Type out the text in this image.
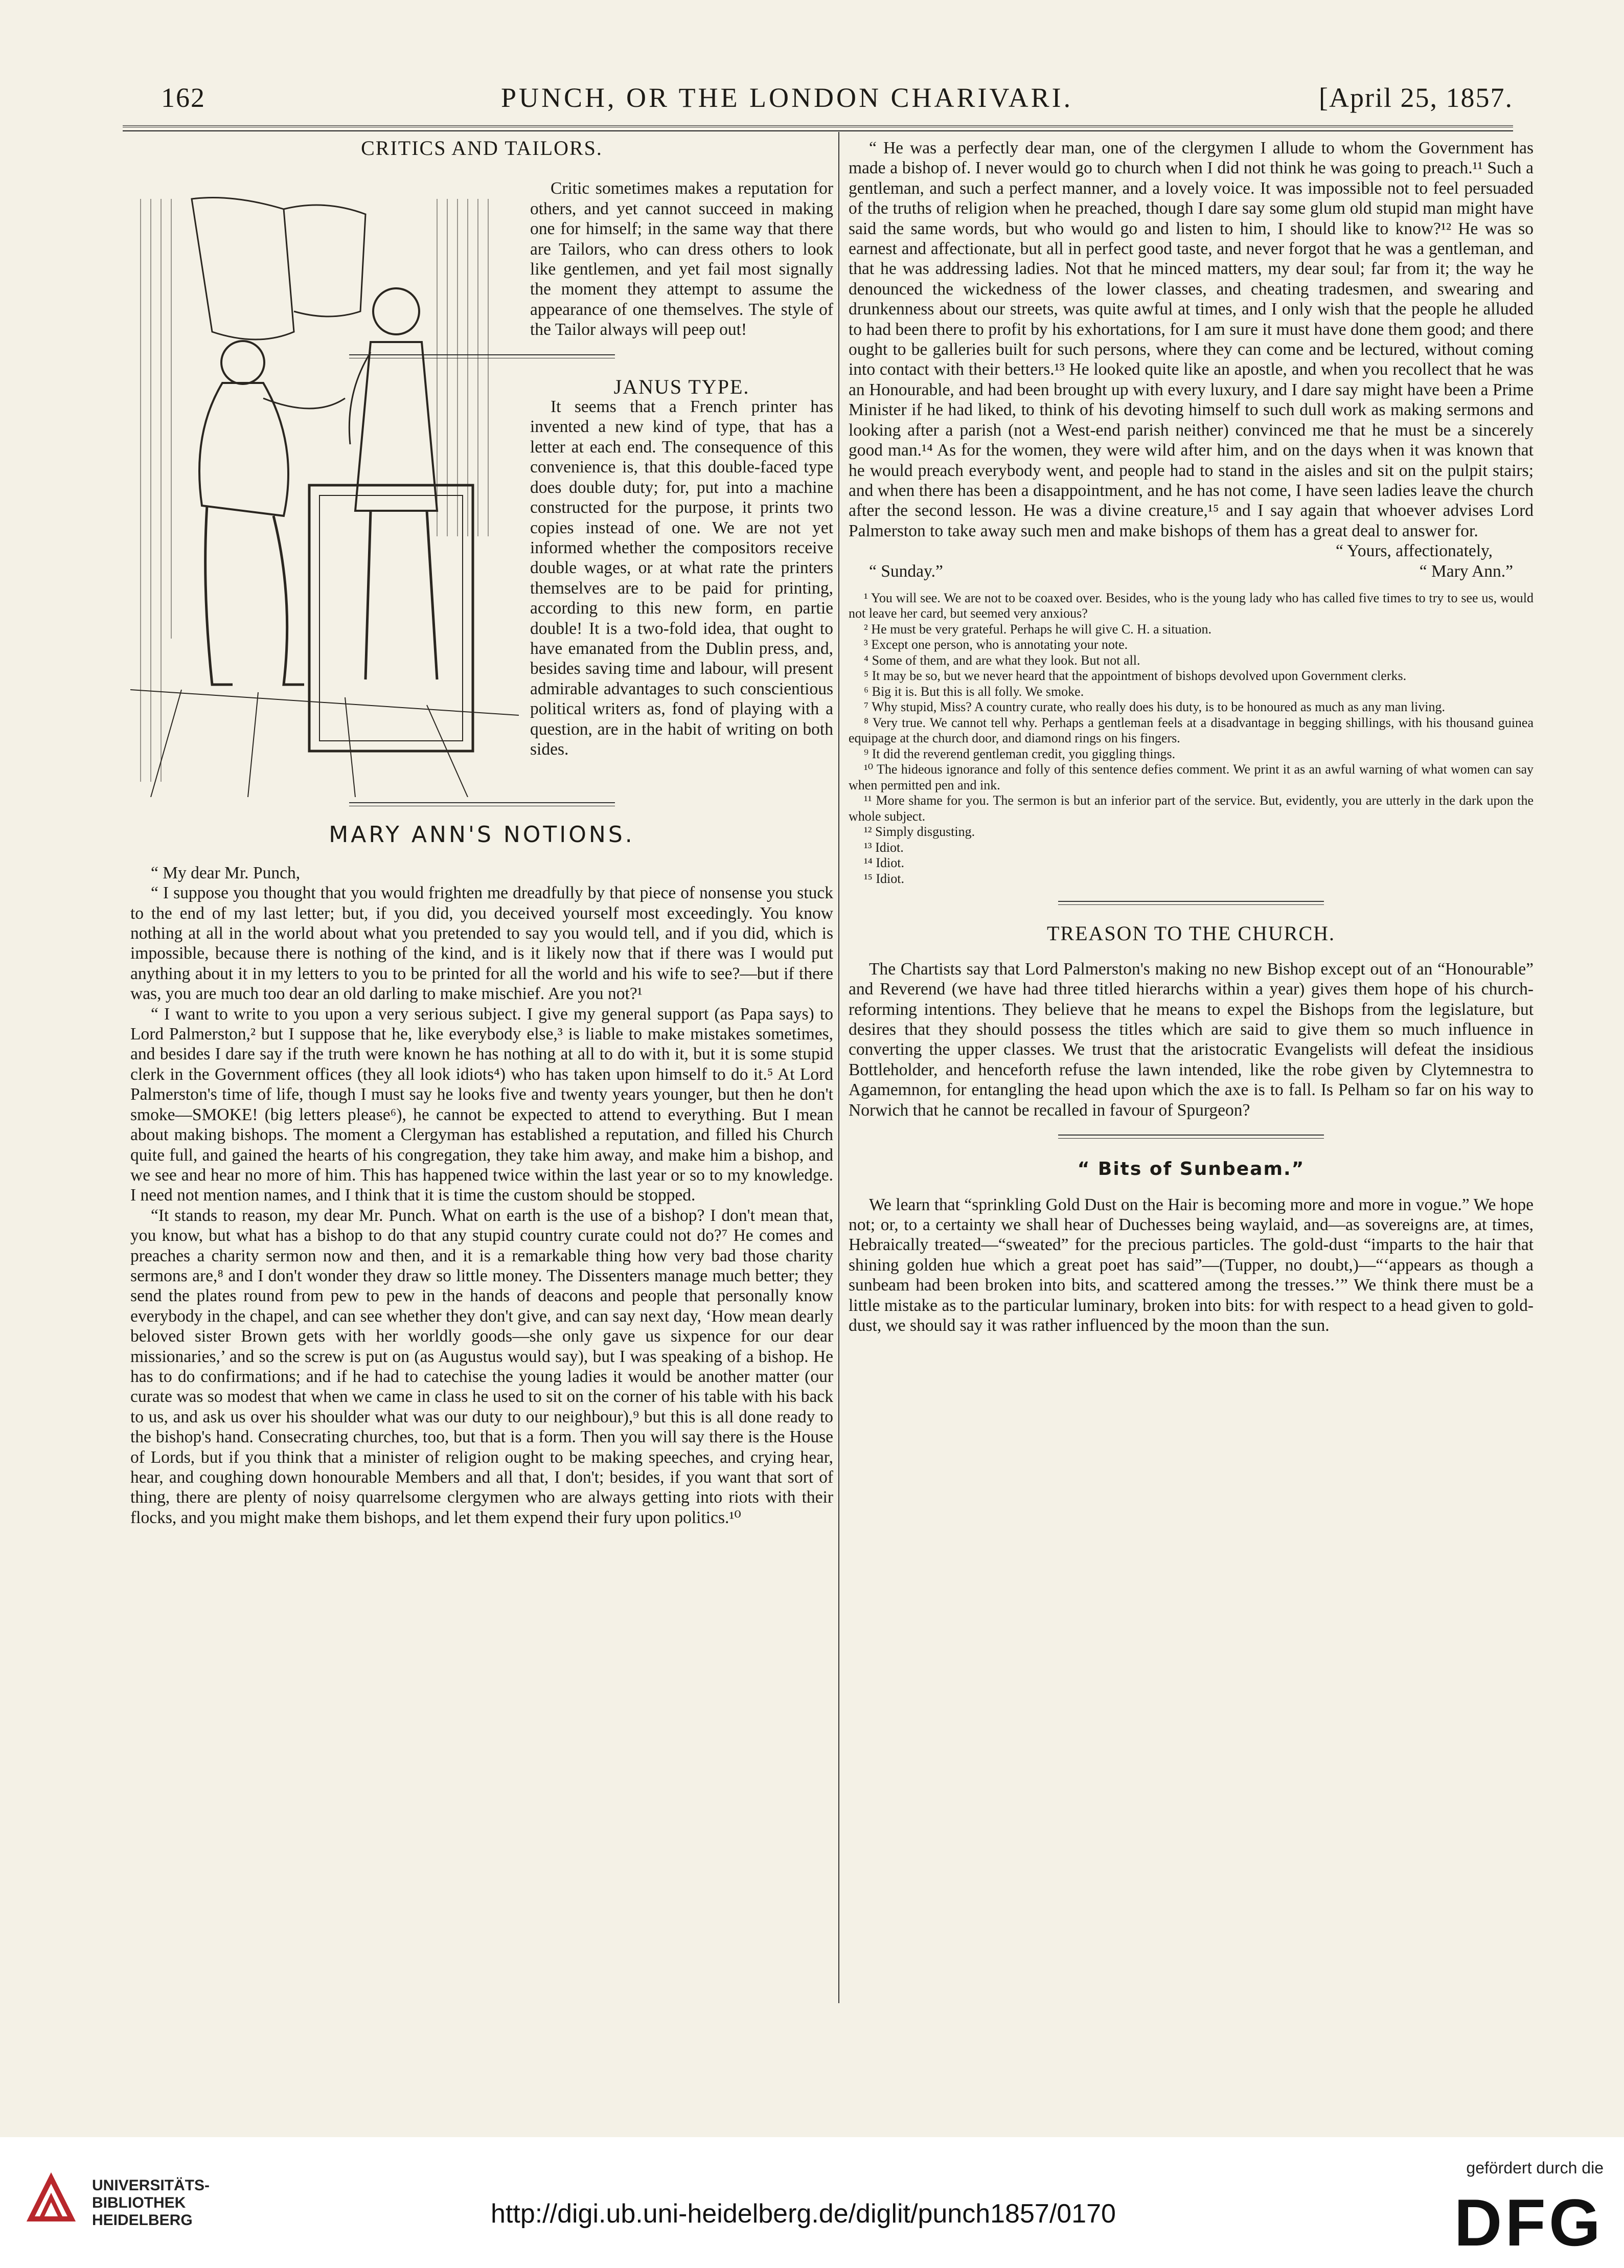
162	PUNCH, OR THE LONDON CHARIVARI.	[April 25, 1857.
CRITICS AND TAILORS.

Critic sometimes makes a reputation for others, and yet cannot succeed in making one for himself; in the same way that there are Tailors, who can dress others to look like gentlemen, and yet fail most signally the moment they attempt to assume the appearance of one themselves. The style of the Tailor always will peep out!

JANUS TYPE.

It seems that a French printer has invented a new kind of type, that has a letter at each end. The consequence of this convenience is, that this double-faced type does double duty; for, put into a machine constructed for the purpose, it prints two copies instead of one. We are not yet informed whether the compositors receive double wages, or at what rate the printers themselves are to be paid for printing, according to this new form, en partie double! It is a two-fold idea, that ought to have emanated from the Dublin press, and, besides saving time and labour, will present admirable advantages to such conscientious political writers as, fond of playing with a question, are in the habit of writing on both sides.

MARY ANN'S NOTIONS.

“ My dear Mr. Punch,

“ I suppose you thought that you would frighten me dreadfully by that piece of nonsense you stuck to the end of my last letter; but, if you did, you deceived yourself most exceedingly. You know nothing at all in the world about what you pretended to say you would tell, and if you did, which is impossible, because there is nothing of the kind, and is it likely now that if there was I would put anything about it in my letters to you to be printed for all the world and his wife to see?—but if there was, you are much too dear an old darling to make mischief. Are you not?¹

“ I want to write to you upon a very serious subject. I give my general support (as Papa says) to Lord Palmerston,² but I suppose that he, like everybody else,³ is liable to make mistakes sometimes, and besides I dare say if the truth were known he has nothing at all to do with it, but it is some stupid clerk in the Government offices (they all look idiots⁴) who has taken upon himself to do it.⁵ At Lord Palmerston's time of life, though I must say he looks five and twenty years younger, but then he don't smoke—SMOKE! (big letters please⁶), he cannot be expected to attend to everything. But I mean about making bishops. The moment a Clergyman has established a reputation, and filled his Church quite full, and gained the hearts of his congregation, they take him away, and make him a bishop, and we see and hear no more of him. This has happened twice within the last year or so to my knowledge. I need not mention names, and I think that it is time the custom should be stopped.

“It stands to reason, my dear Mr. Punch. What on earth is the use of a bishop? I don't mean that, you know, but what has a bishop to do that any stupid country curate could not do?⁷ He comes and preaches a charity sermon now and then, and it is a remarkable thing how very bad those charity sermons are,⁸ and I don't wonder they draw so little money. The Dissenters manage much better; they send the plates round from pew to pew in the hands of deacons and people that personally know everybody in the chapel, and can see whether they don't give, and can say next day, ‘How mean dearly beloved sister Brown gets with her worldly goods—she only gave us sixpence for our dear missionaries,’ and so the screw is put on (as Augustus would say), but I was speaking of a bishop. He has to do confirmations; and if he had to catechise the young ladies it would be another matter (our curate was so modest that when we came in class he used to sit on the corner of his table with his back to us, and ask us over his shoulder what was our duty to our neighbour),⁹ but this is all done ready to the bishop's hand. Consecrating churches, too, but that is a form. Then you will say there is the House of Lords, but if you think that a minister of religion ought to be making speeches, and crying hear, hear, and coughing down honourable Members and all that, I don't; besides, if you want that sort of thing, there are plenty of noisy quarrelsome clergymen who are always getting into riots with their flocks, and you might make them bishops, and let them expend their fury upon politics.¹⁰

“ He was a perfectly dear man, one of the clergymen I allude to whom the Government has made a bishop of. I never would go to church when I did not think he was going to preach.¹¹ Such a gentleman, and such a perfect manner, and a lovely voice. It was impossible not to feel persuaded of the truths of religion when he preached, though I dare say some glum old stupid man might have said the same words, but who would go and listen to him, I should like to know?¹² He was so earnest and affectionate, but all in perfect good taste, and never forgot that he was a gentleman, and that he was addressing ladies. Not that he minced matters, my dear soul; far from it; the way he denounced the wickedness of the lower classes, and cheating tradesmen, and swearing and drunkenness about our streets, was quite awful at times, and I only wish that the people he alluded to had been there to profit by his exhortations, for I am sure it must have done them good; and there ought to be galleries built for such persons, where they can come and be lectured, without coming into contact with their betters.¹³ He looked quite like an apostle, and when you recollect that he was an Honourable, and had been brought up with every luxury, and I dare say might have been a Prime Minister if he had liked, to think of his devoting himself to such dull work as making sermons and looking after a parish (not a West-end parish neither) convinced me that he must be a sincerely good man.¹⁴ As for the women, they were wild after him, and on the days when it was known that he would preach everybody went, and people had to stand in the aisles and sit on the pulpit stairs; and when there has been a disappointment, and he has not come, I have seen ladies leave the church after the second lesson. He was a divine creature,¹⁵ and I say again that whoever advises Lord Palmerston to take away such men and make bishops of them has a great deal to answer for.

“ Yours, affectionately,

“ Sunday.”	“ Mary Ann.”
¹ You will see. We are not to be coaxed over. Besides, who is the young lady who has called five times to try to see us, would not leave her card, but seemed very anxious?
² He must be very grateful. Perhaps he will give C. H. a situation.
³ Except one person, who is annotating your note.
⁴ Some of them, and are what they look. But not all.
⁵ It may be so, but we never heard that the appointment of bishops devolved upon Government clerks.
⁶ Big it is. But this is all folly. We smoke.
⁷ Why stupid, Miss? A country curate, who really does his duty, is to be honoured as much as any man living.
⁸ Very true. We cannot tell why. Perhaps a gentleman feels at a disadvantage in begging shillings, with his thousand guinea equipage at the church door, and diamond rings on his fingers.
⁹ It did the reverend gentleman credit, you giggling things.
¹⁰ The hideous ignorance and folly of this sentence defies comment. We print it as an awful warning of what women can say when permitted pen and ink.
¹¹ More shame for you. The sermon is but an inferior part of the service. But, evidently, you are utterly in the dark upon the whole subject.
¹² Simply disgusting.
¹³ Idiot.
¹⁴ Idiot.
¹⁵ Idiot.
TREASON TO THE CHURCH.

The Chartists say that Lord Palmerston's making no new Bishop except out of an “Honourable” and Reverend (we have had three titled hierarchs within a year) gives them hope of his church-reforming intentions. They believe that he means to expel the Bishops from the legislature, but desires that they should possess the titles which are said to give them so much influence in converting the upper classes. We trust that the aristocratic Evangelists will defeat the insidious Bottleholder, and henceforth refuse the lawn intended, like the robe given by Clytemnestra to Agamemnon, for entangling the head upon which the axe is to fall. Is Pelham so far on his way to Norwich that he cannot be recalled in favour of Spurgeon?

“ Bits of Sunbeam.”

We learn that “sprinkling Gold Dust on the Hair is becoming more and more in vogue.” We hope not; or, to a certainty we shall hear of Duchesses being waylaid, and—as sovereigns are, at times, Hebraically treated—“sweated” for the precious particles. The gold-dust “imparts to the hair that shining golden hue which a great poet has said”—(Tupper, no doubt,)—“‘appears as though a sunbeam had been broken into bits, and scattered among the tresses.’” We think there must be a little mistake as to the particular luminary, broken into bits: for with respect to a head given to gold-dust, we should say it was rather influenced by the moon than the sun.

UNIVERSITÄTS-
BIBLIOTHEK
HEIDELBERG	http://digi.ub.uni-heidelberg.de/diglit/punch1857/0170
gefördert durch die
DFG
